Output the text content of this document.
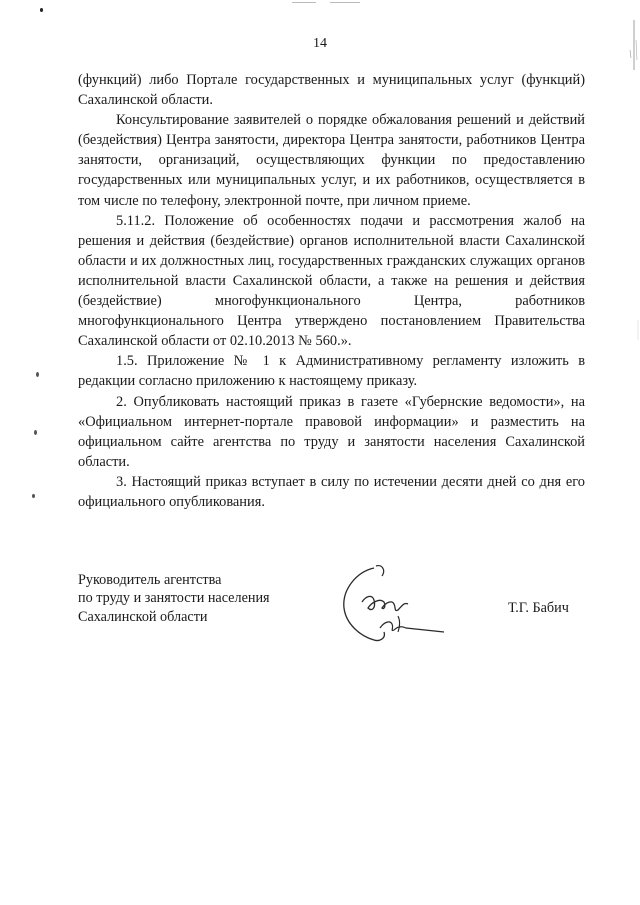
14

(функций) либо Портале государственных и муниципальных услуг (функций) Сахалинской области.

Консультирование заявителей о порядке обжалования решений и действий (бездействия) Центра занятости, директора Центра занятости, работников Центра занятости, организаций, осуществляющих функции по предоставлению государственных или муниципальных услуг, и их работников, осуществляется в том числе по телефону, электронной почте, при личном приеме.

5.11.2. Положение об особенностях подачи и рассмотрения жалоб на решения и действия (бездействие) органов исполнительной власти Сахалинской области и их должностных лиц, государственных гражданских служащих органов исполнительной власти Сахалинской области, а также на решения и действия (бездействие) многофункционального Центра, работников многофункционального Центра утверждено постановлением Правительства Сахалинской области от 02.10.2013 № 560.».

1.5. Приложение № 1 к Административному регламенту изложить в редакции согласно приложению к настоящему приказу.

2. Опубликовать настоящий приказ в газете «Губернские ведомости», на «Официальном интернет-портале правовой информации» и разместить на официальном сайте агентства по труду и занятости населения Сахалинской области.

3. Настоящий приказ вступает в силу по истечении десяти дней со дня его официального опубликования.

Руководитель агентства
по труду и занятости населения
Сахалинской области
Т.Г. Бабич
